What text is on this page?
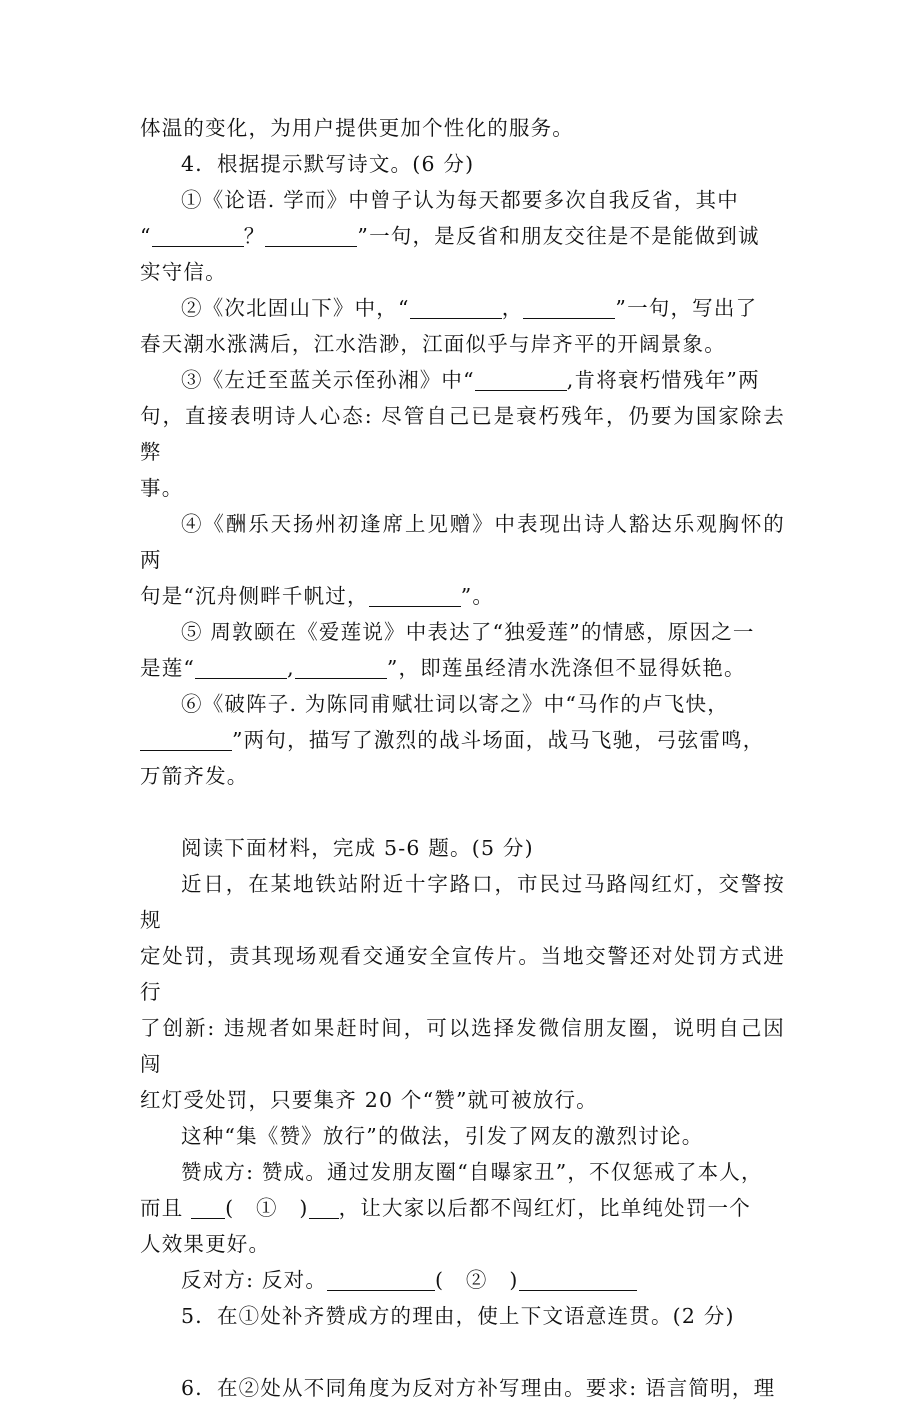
体温的变化，为用户提供更加个性化的服务。

4．根据提示默写诗文。(6 分)

①《论语. 学而》中曾子认为每天都要多次自我反省，其中

“	？	”一句，是反省和朋友交往是不是能做到诚

实守信。

②《次北固山下》中，“	，	”一句，写出了

春天潮水涨满后，江水浩渺，江面似乎与岸齐平的开阔景象。

③《左迁至蓝关示侄孙湘》中“	,肯将衰朽惜残年”两

句，直接表明诗人心态: 尽管自己已是衰朽残年，仍要为国家除去弊

事。

④《酬乐天扬州初逢席上见赠》中表现出诗人豁达乐观胸怀的两

句是“沉舟侧畔千帆过，	”。

⑤ 周敦颐在《爱莲说》中表达了“独爱莲”的情感，原因之一

是莲“	,	”，即莲虽经清水洗涤但不显得妖艳。

⑥《破阵子. 为陈同甫赋壮词以寄之》中“马作的卢飞快，

”两句，描写了激烈的战斗场面，战马飞驰，弓弦雷鸣，

万箭齐发。

阅读下面材料，完成 5-6 题。(5 分)

近日，在某地铁站附近十字路口，市民过马路闯红灯，交警按规

定处罚，责其现场观看交通安全宣传片。当地交警还对处罚方式进行

了创新: 违规者如果赶时间，可以选择发微信朋友圈，说明自己因闯

红灯受处罚，只要集齐 20 个“赞”就可被放行。

这种“集《赞》放行”的做法，引发了网友的激烈讨论。

赞成方: 赞成。通过发朋友圈“自曝家丑”，不仅惩戒了本人，

而且 (　①　) ，让大家以后都不闯红灯，比单纯处罚一个

人效果更好。

反对方: 反对。	(　②　)

5．在①处补齐赞成方的理由，使上下文语意连贯。(2 分)

6．在②处从不同角度为反对方补写理由。要求: 语言简明，理
